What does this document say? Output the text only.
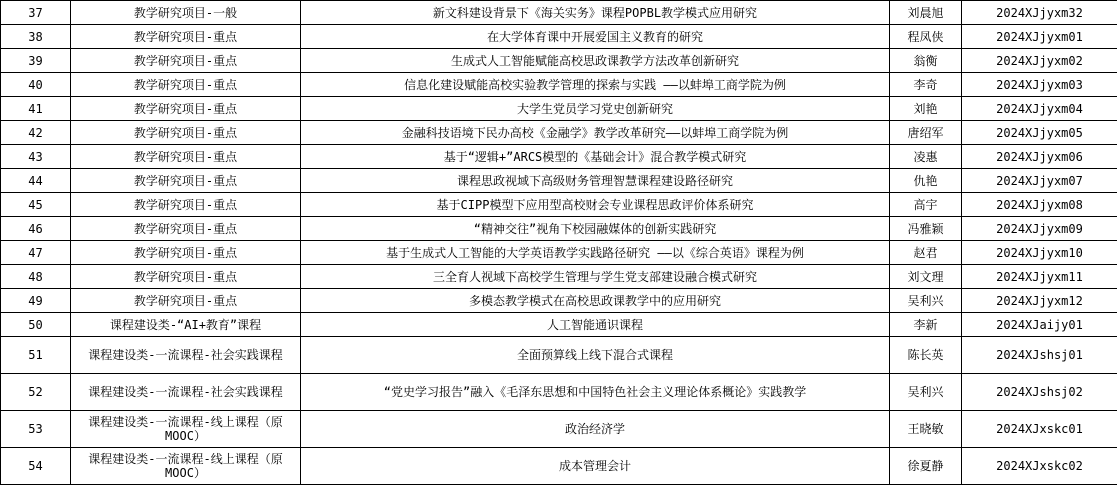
37	教学研究项目-一般	新文科建设背景下《海关实务》课程POPBL教学模式应用研究	刘晨旭	2024XJjyxm32
38	教学研究项目-重点	在大学体育课中开展爱国主义教育的研究	程凤侠	2024XJjyxm01
39	教学研究项目-重点	生成式人工智能赋能高校思政课教学方法改革创新研究	翁衡	2024XJjyxm02
40	教学研究项目-重点	信息化建设赋能高校实验教学管理的探索与实践 ——以蚌埠工商学院为例	李奇	2024XJjyxm03
41	教学研究项目-重点	大学生党员学习党史创新研究	刘艳	2024XJjyxm04
42	教学研究项目-重点	金融科技语境下民办高校《金融学》教学改革研究——以蚌埠工商学院为例	唐绍军	2024XJjyxm05
43	教学研究项目-重点	基于“逻辑+”ARCS模型的《基础会计》混合教学模式研究	凌惠	2024XJjyxm06
44	教学研究项目-重点	课程思政视域下高级财务管理智慧课程建设路径研究	仇艳	2024XJjyxm07
45	教学研究项目-重点	基于CIPP模型下应用型高校财会专业课程思政评价体系研究	高宇	2024XJjyxm08
46	教学研究项目-重点	“精神交往”视角下校园融媒体的创新实践研究	冯雅颖	2024XJjyxm09
47	教学研究项目-重点	基于生成式人工智能的大学英语教学实践路径研究 ——以《综合英语》课程为例	赵君	2024XJjyxm10
48	教学研究项目-重点	三全育人视域下高校学生管理与学生党支部建设融合模式研究	刘文理	2024XJjyxm11
49	教学研究项目-重点	多模态教学模式在高校思政课教学中的应用研究	吴利兴	2024XJjyxm12
50	课程建设类-“AI+教育”课程	人工智能通识课程	李新	2024XJaijy01
51	课程建设类-一流课程-社会实践课程	全面预算线上线下混合式课程	陈长英	2024XJshsj01
52	课程建设类-一流课程-社会实践课程	“党史学习报告”融入《毛泽东思想和中国特色社会主义理论体系概论》实践教学	吴利兴	2024XJshsj02
53	课程建设类-一流课程-线上课程（原MOOC）	政治经济学	王晓敏	2024XJxskc01
54	课程建设类-一流课程-线上课程（原MOOC）	成本管理会计	徐夏静	2024XJxskc02
